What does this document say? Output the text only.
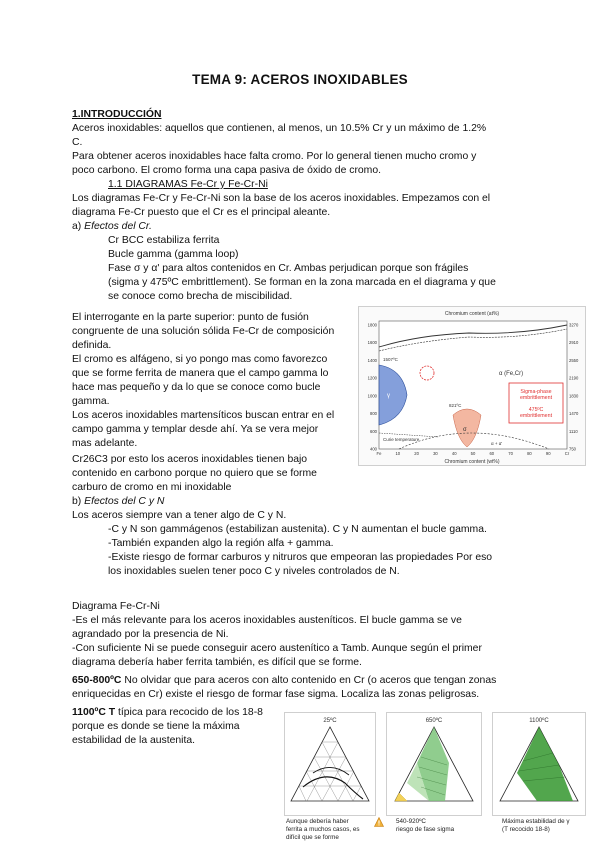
TEMA 9: ACEROS INOXIDABLES
1.INTRODUCCIÓN
Aceros inoxidables: aquellos que contienen, al menos, un 10.5% Cr y un máximo de 1.2%
C.
Para obtener aceros inoxidables hace falta cromo. Por lo general tienen mucho cromo y
poco carbono. El cromo forma una capa pasiva de óxido de cromo.
1.1 DIAGRAMAS Fe-Cr y Fe-Cr-Ni
Los diagramas Fe-Cr y Fe-Cr-Ni son la base de los aceros inoxidables. Empezamos con el
diagrama Fe-Cr puesto que el Cr es el principal aleante.
a) Efectos del Cr.
Cr BCC estabiliza ferrita
Bucle gamma (gamma loop)
Fase σ y α' para altos contenidos en Cr. Ambas perjudican porque son frágiles
(sigma y 475ºC embrittlement). Se forman en la zona marcada en el diagrama y que
se conoce como brecha de miscibilidad.
El interrogante en la parte superior: punto de fusión
congruente de una solución sólida Fe-Cr de composición
definida.
El cromo es alfágeno, si yo pongo mas como favorezco
que se forme ferrita de manera que el campo gamma lo
hace mas pequeño y da lo que se conoce como bucle
gamma.
Los aceros inoxidables martensíticos buscan entrar en el
campo gamma y templar desde ahí. Ya se vera mejor
mas adelante.
Cr26C3 por esto los aceros inoxidables tienen bajo
contenido en carbono porque no quiero que se forme
carburo de cromo en mi inoxidable
Chromium content (at%)
γ
σ
Curie temperature
1507ºC
821ºC
α (Fe,Cr)
α + α'
Sigma-phase embrittlement
475ºC embrittlement
1800
1600
1400
1200
1000
800
600
400
3270
2910
2550
2190
1830
1470
1110
750
Fe	10	20	30	40	50	60	70	80	90	Cr
Chromium content (wt%)
b) Efectos del C y N
Los aceros siempre van a tener algo de C y N.
-C y N son gammágenos (estabilizan austenita). C y N aumentan el bucle gamma.
-También expanden algo la región alfa + gamma.
-Existe riesgo de formar carburos y nitruros que empeoran las propiedades Por eso
los inoxidables suelen tener poco C y niveles controlados de N.
Diagrama Fe-Cr-Ni
-Es el más relevante para los aceros inoxidables austeníticos. El bucle gamma se ve
agrandado por la presencia de Ni.
-Con suficiente Ni se puede conseguir acero austenítico a Tamb. Aunque según el primer
diagrama debería haber ferrita también, es difícil que se forme.
650-800ºC No olvidar que para aceros con alto contenido en Cr (o aceros que tengan zonas
enriquecidas en Cr) existe el riesgo de formar fase sigma. Localiza las zonas peligrosas.
1100ºC T típica para recocido de los 18-8
porque es donde se tiene la máxima
estabilidad de la austenita.
25ºC	650ºC	1100ºC
Aunque debería haber
ferrita a muchos casos, es
difícil que se forme
540-920ºC
riesgo de fase sigma
Máxima estabilidad de γ
(T recocido 18-8)
